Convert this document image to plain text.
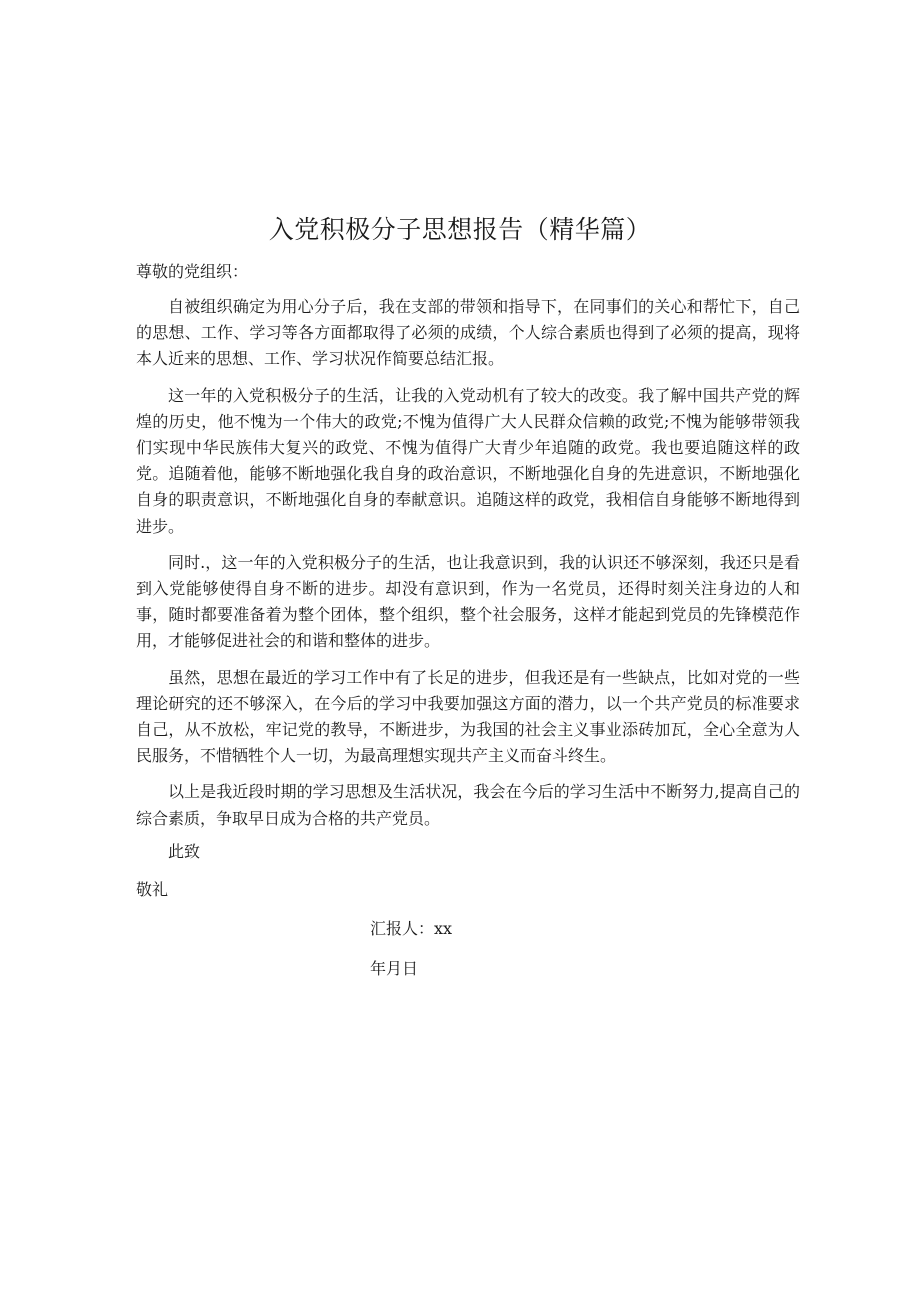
入党积极分子思想报告（精华篇）

尊敬的党组织：

自被组织确定为用心分子后，我在支部的带领和指导下，在同事们的关心和帮忙下，自己的思想、工作、学习等各方面都取得了必须的成绩，个人综合素质也得到了必须的提高，现将本人近来的思想、工作、学习状况作简要总结汇报。

这一年的入党积极分子的生活，让我的入党动机有了较大的改变。我了解中国共产党的辉煌的历史，他不愧为一个伟大的政党;不愧为值得广大人民群众信赖的政党;不愧为能够带领我们实现中华民族伟大复兴的政党、不愧为值得广大青少年追随的政党。我也要追随这样的政党。追随着他，能够不断地强化我自身的政治意识，不断地强化自身的先进意识，不断地强化自身的职责意识，不断地强化自身的奉献意识。追随这样的政党，我相信自身能够不断地得到进步。

同时.，这一年的入党积极分子的生活，也让我意识到，我的认识还不够深刻，我还只是看到入党能够使得自身不断的进步。却没有意识到，作为一名党员，还得时刻关注身边的人和事，随时都要准备着为整个团体，整个组织，整个社会服务，这样才能起到党员的先锋模范作用，才能够促进社会的和谐和整体的进步。

虽然，思想在最近的学习工作中有了长足的进步，但我还是有一些缺点，比如对党的一些理论研究的还不够深入，在今后的学习中我要加强这方面的潜力，以一个共产党员的标准要求自己，从不放松，牢记党的教导，不断进步，为我国的社会主义事业添砖加瓦，全心全意为人民服务，不惜牺牲个人一切，为最高理想实现共产主义而奋斗终生。

以上是我近段时期的学习思想及生活状况，我会在今后的学习生活中不断努力,提高自己的综合素质，争取早日成为合格的共产党员。

此致

敬礼

汇报人：xx

年月日
